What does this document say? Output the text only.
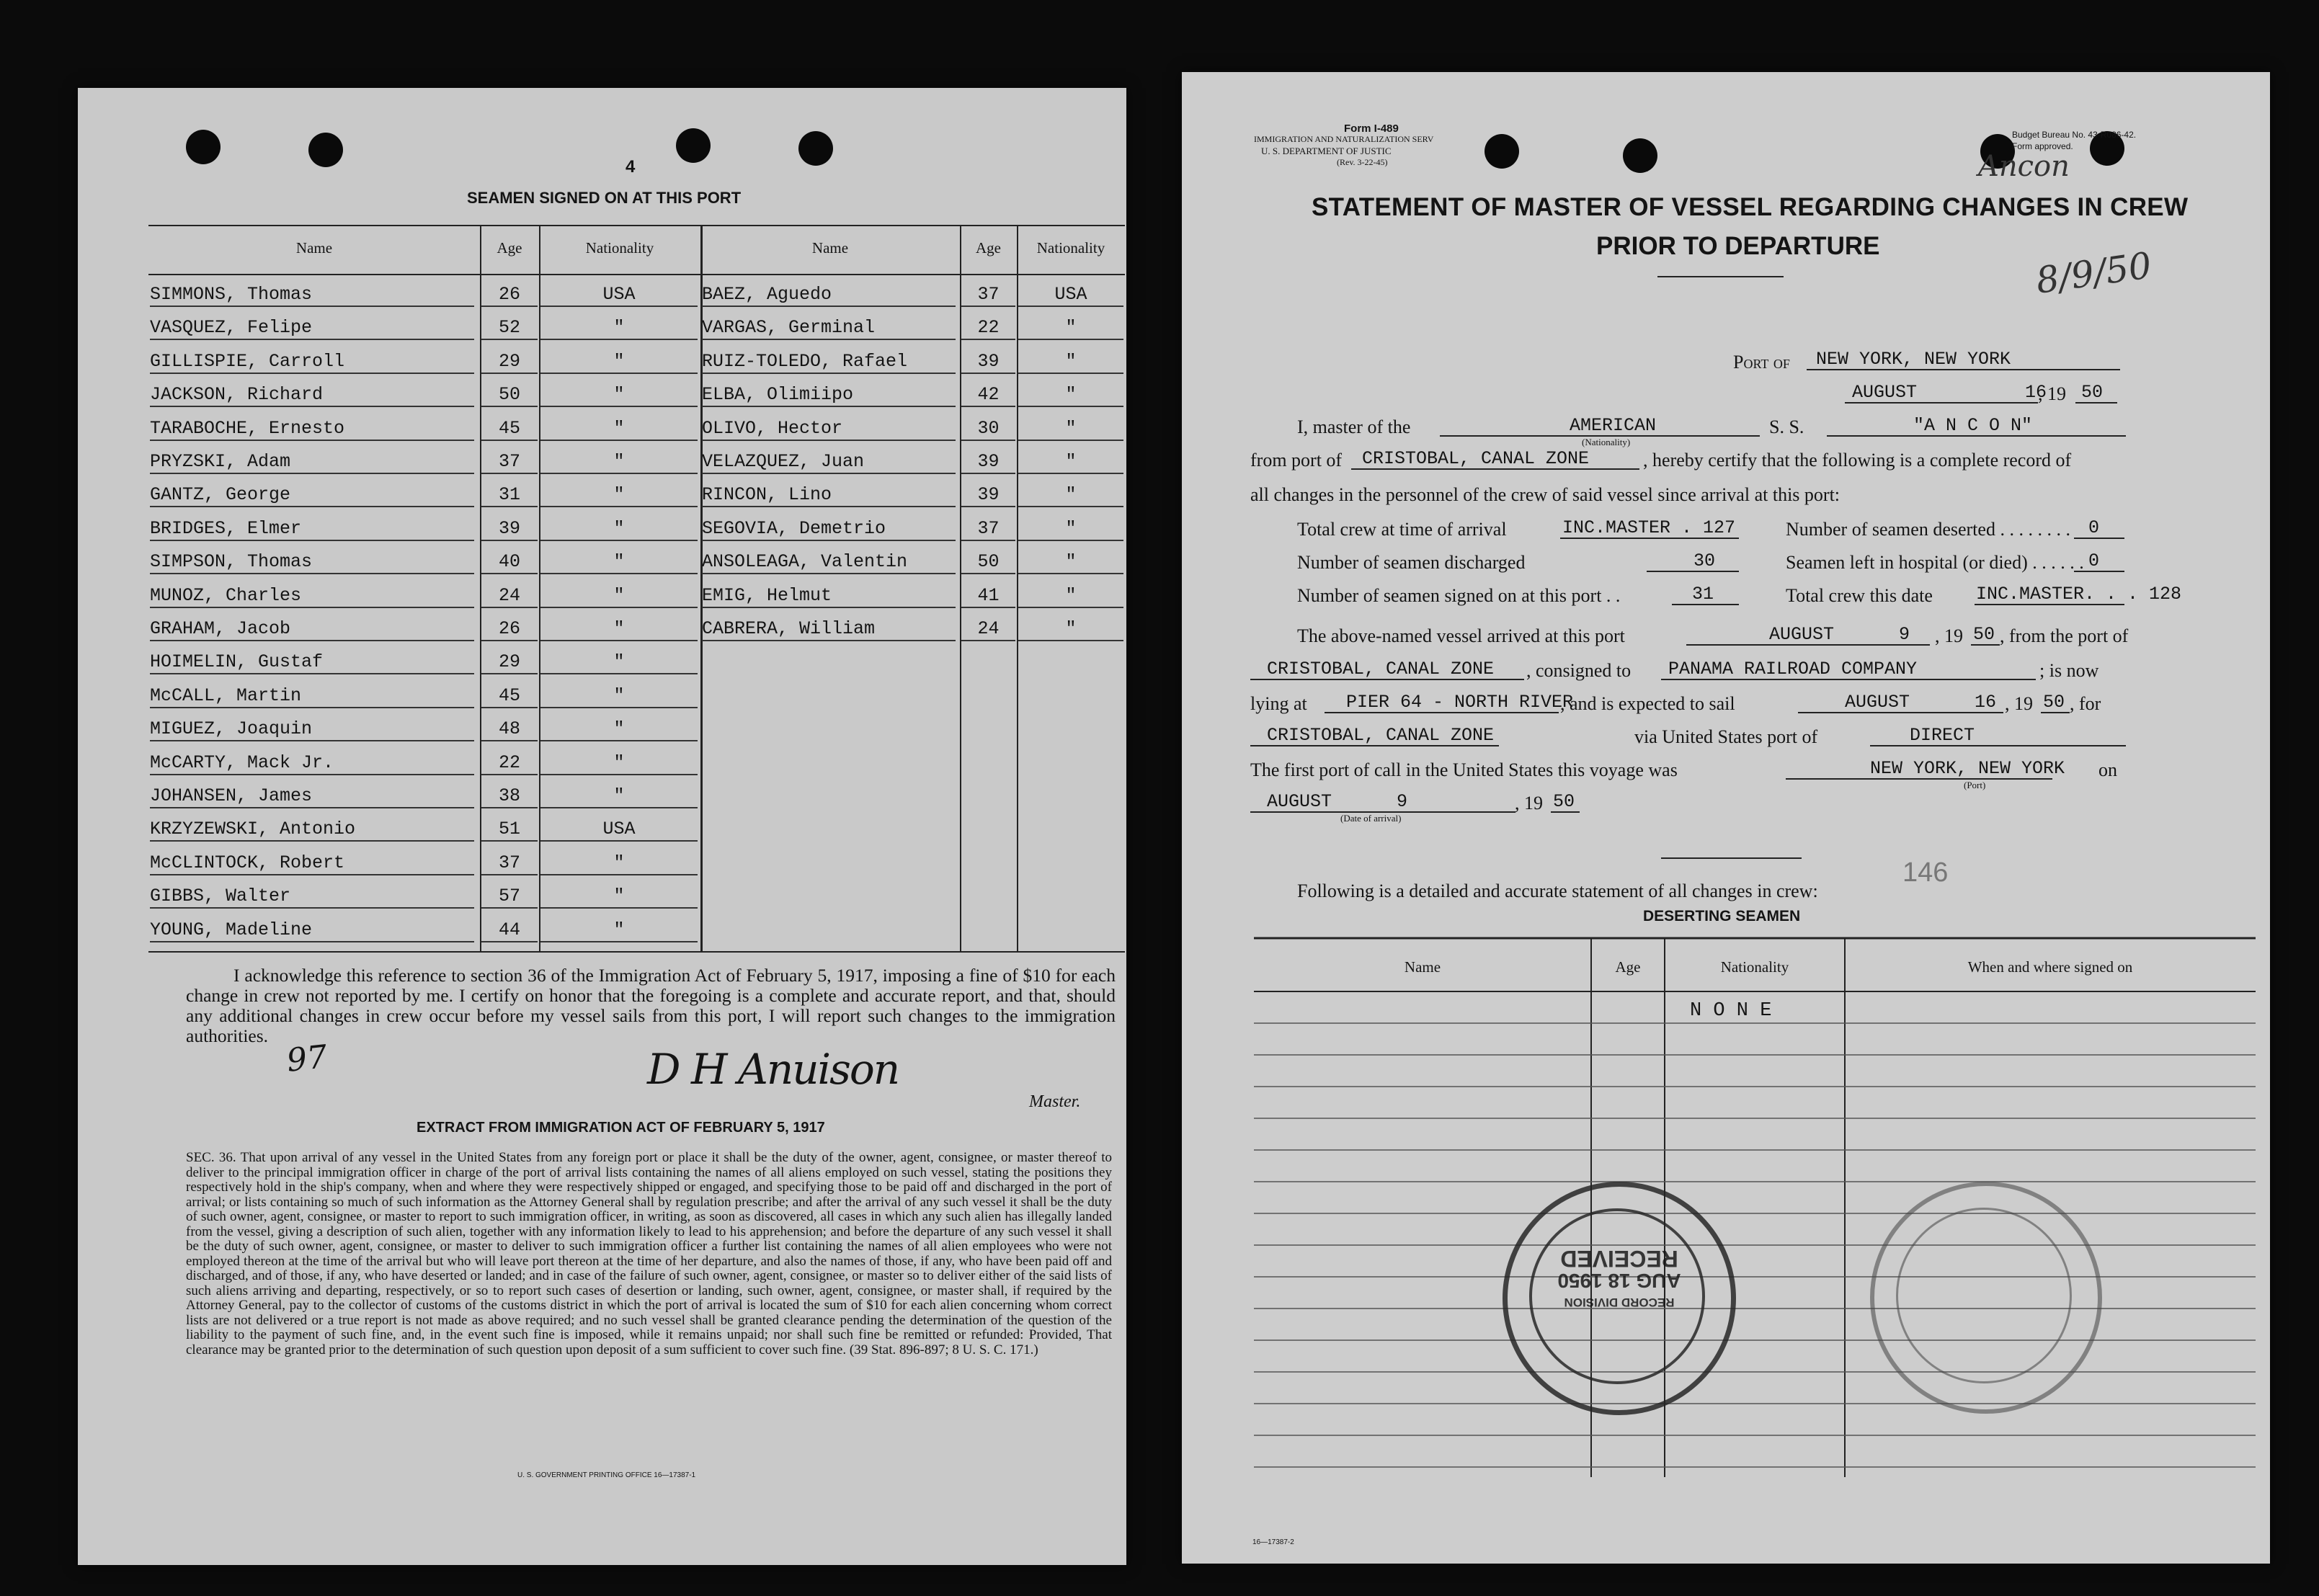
4
SEAMEN SIGNED ON AT THIS PORT
Name	Age	Nationality	Name	Age	Nationality
SIMMONS, Thomas	26	USA
VASQUEZ, Felipe	52	"
GILLISPIE, Carroll	29	"
JACKSON, Richard	50	"
TARABOCHE, Ernesto	45	"
PRYZSKI, Adam	37	"
GANTZ, George	31	"
BRIDGES, Elmer	39	"
SIMPSON, Thomas	40	"
MUNOZ, Charles	24	"
GRAHAM, Jacob	26	"
HOIMELIN, Gustaf	29	"
McCALL, Martin	45	"
MIGUEZ, Joaquin	48	"
McCARTY, Mack Jr.	22	"
JOHANSEN, James	38	"
KRZYZEWSKI, Antonio	51	USA
McCLINTOCK, Robert	37	"
GIBBS, Walter	57	"
YOUNG, Madeline	44	"
BAEZ, Aguedo	37	USA
VARGAS, Germinal	22	"
RUIZ-TOLEDO, Rafael	39	"
ELBA, Olimiipo	42	"
OLIVO, Hector	30	"
VELAZQUEZ, Juan	39	"
RINCON, Lino	39	"
SEGOVIA, Demetrio	37	"
ANSOLEAGA, Valentin	50	"
EMIG, Helmut	41	"
CABRERA, William	24	"
I acknowledge this reference to section 36 of the Immigration Act of February 5, 1917, imposing a fine of $10 for each change in crew not reported by me. I certify on honor that the foregoing is a complete and accurate report, and that, should any additional changes in crew occur before my vessel sails from this port, I will report such changes to the immigration authorities.
97	D H Anuison
Master.
EXTRACT FROM IMMIGRATION ACT OF FEBRUARY 5, 1917
SEC. 36. That upon arrival of any vessel in the United States from any foreign port or place it shall be the duty of the owner, agent, consignee, or master thereof to deliver to the principal immigration officer in charge of the port of arrival lists containing the names of all aliens employed on such vessel, stating the positions they respectively hold in the ship's company, when and where they were respectively shipped or engaged, and specifying those to be paid off and discharged in the port of arrival; or lists containing so much of such information as the Attorney General shall by regulation prescribe; and after the arrival of any such vessel it shall be the duty of such owner, agent, consignee, or master to report to such immigration officer, in writing, as soon as discovered, all cases in which any such alien has illegally landed from the vessel, giving a description of such alien, together with any information likely to lead to his apprehension; and before the departure of any such vessel it shall be the duty of such owner, agent, consignee, or master to deliver to such immigration officer a further list containing the names of all alien employees who were not employed thereon at the time of the arrival but who will leave port thereon at the time of her departure, and also the names of those, if any, who have been paid off and discharged, and of those, if any, who have deserted or landed; and in case of the failure of such owner, agent, consignee, or master so to deliver either of the said lists of such aliens arriving and departing, respectively, or so to report such cases of desertion or landing, such owner, agent, consignee, or master shall, if required by the Attorney General, pay to the collector of customs of the customs district in which the port of arrival is located the sum of $10 for each alien concerning whom correct lists are not delivered or a true report is not made as above required; and no such vessel shall be granted clearance pending the determination of the question of the liability to the payment of such fine, and, in the event such fine is imposed, while it remains unpaid; nor shall such fine be remitted or refunded: Provided, That clearance may be granted prior to the determination of such question upon deposit of a sum sufficient to cover such fine. (39 Stat. 896-897; 8 U. S. C. 171.)
U. S. GOVERNMENT PRINTING OFFICE 16—17387-1
Form I-489
IMMIGRATION AND NATURALIZATION SERV
U. S. DEPARTMENT OF JUSTIC
(Rev. 3-22-45)
Budget Bureau No. 43-R086-42.
Form approved.
Ancon
8/9/50
STATEMENT OF MASTER OF VESSEL REGARDING CHANGES IN CREW
PRIOR TO DEPARTURE
Port of NEW YORK, NEW YORK
AUGUST          16
, 19 50
I, master of the	AMERICAN
(Nationality)
S. S.	"A N C O N"
from port of CRISTOBAL, CANAL ZONE	, hereby certify that the following is a complete record of
all changes in the personnel of the crew of said vessel since arrival at this port:
Total crew at time of arrival	INC.MASTER . 127	Number of seamen deserted . . . . . . . . 0
Number of seamen discharged	30	Seamen left in hospital (or died) . . . . . . 0
Number of seamen signed on at this port . .	31	Total crew this date INC.MASTER. . . 128
The above-named vessel arrived at this port	AUGUST      9 , 19 50 , from the port of
CRISTOBAL, CANAL ZONE , consigned to PANAMA RAILROAD COMPANY	; is now
lying at PIER 64 - NORTH RIVER
, and is expected to sail	AUGUST      16 , 19 50 , for
CRISTOBAL, CANAL ZONE	via United States port of	DIRECT
The first port of call in the United States this voyage was	NEW YORK, NEW YORK
(Port)
on
AUGUST      9	, 19 50
(Date of arrival)
146
Following is a detailed and accurate statement of all changes in crew:
DESERTING SEAMEN
Name	Age	Nationality	When and where signed on
N O N E
RECORD DIVISION
AUG 18 1950
RECEIVED
16—17387-2
